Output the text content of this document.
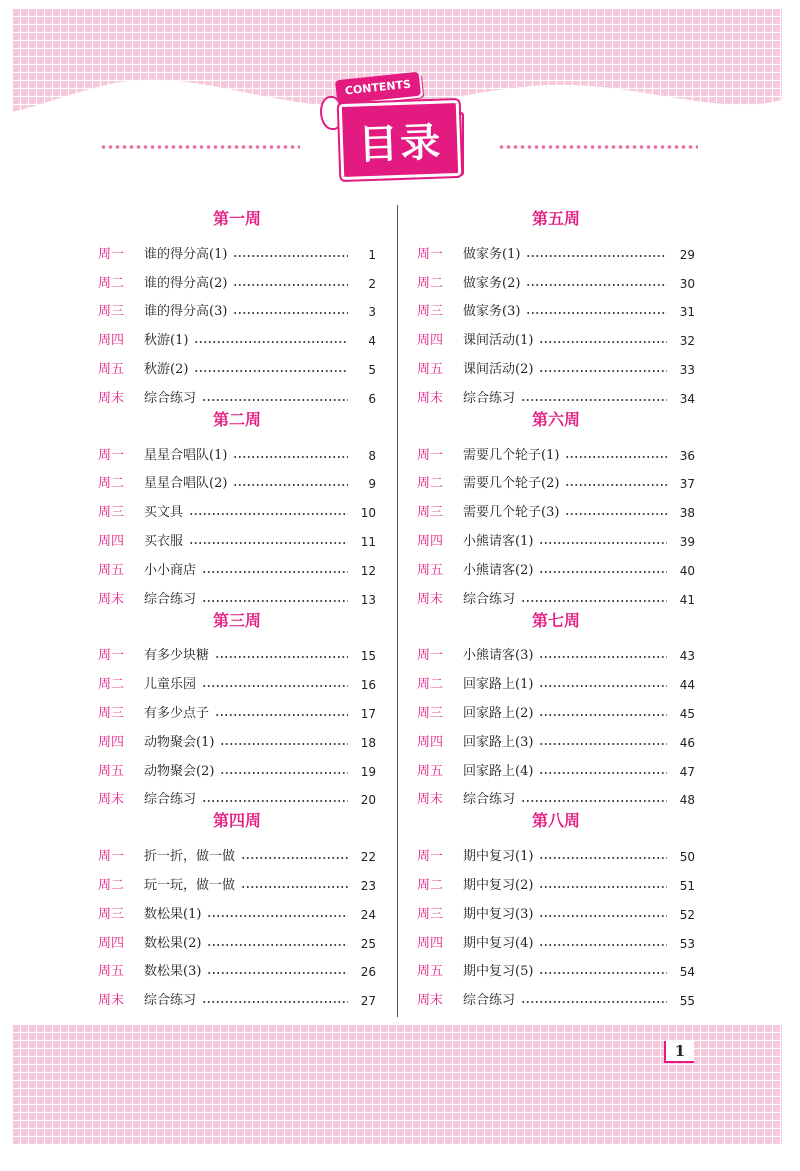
CONTENTS
目录
第一周
周一	谁的得分高(1)	1
周二	谁的得分高(2)	2
周三	谁的得分高(3)	3
周四	秋游(1)	4
周五	秋游(2)	5
周末	综合练习	6
第二周
周一	星星合唱队(1)	8
周二	星星合唱队(2)	9
周三	买文具	10
周四	买衣服	11
周五	小小商店	12
周末	综合练习	13
第三周
周一	有多少块糖	15
周二	儿童乐园	16
周三	有多少点子	17
周四	动物聚会(1)	18
周五	动物聚会(2)	19
周末	综合练习	20
第四周
周一	折一折，做一做	22
周二	玩一玩，做一做	23
周三	数松果(1)	24
周四	数松果(2)	25
周五	数松果(3)	26
周末	综合练习	27
第五周
周一	做家务(1)	29
周二	做家务(2)	30
周三	做家务(3)	31
周四	课间活动(1)	32
周五	课间活动(2)	33
周末	综合练习	34
第六周
周一	需要几个轮子(1)	36
周二	需要几个轮子(2)	37
周三	需要几个轮子(3)	38
周四	小熊请客(1)	39
周五	小熊请客(2)	40
周末	综合练习	41
第七周
周一	小熊请客(3)	43
周二	回家路上(1)	44
周三	回家路上(2)	45
周四	回家路上(3)	46
周五	回家路上(4)	47
周末	综合练习	48
第八周
周一	期中复习(1)	50
周二	期中复习(2)	51
周三	期中复习(3)	52
周四	期中复习(4)	53
周五	期中复习(5)	54
周末	综合练习	55
1
